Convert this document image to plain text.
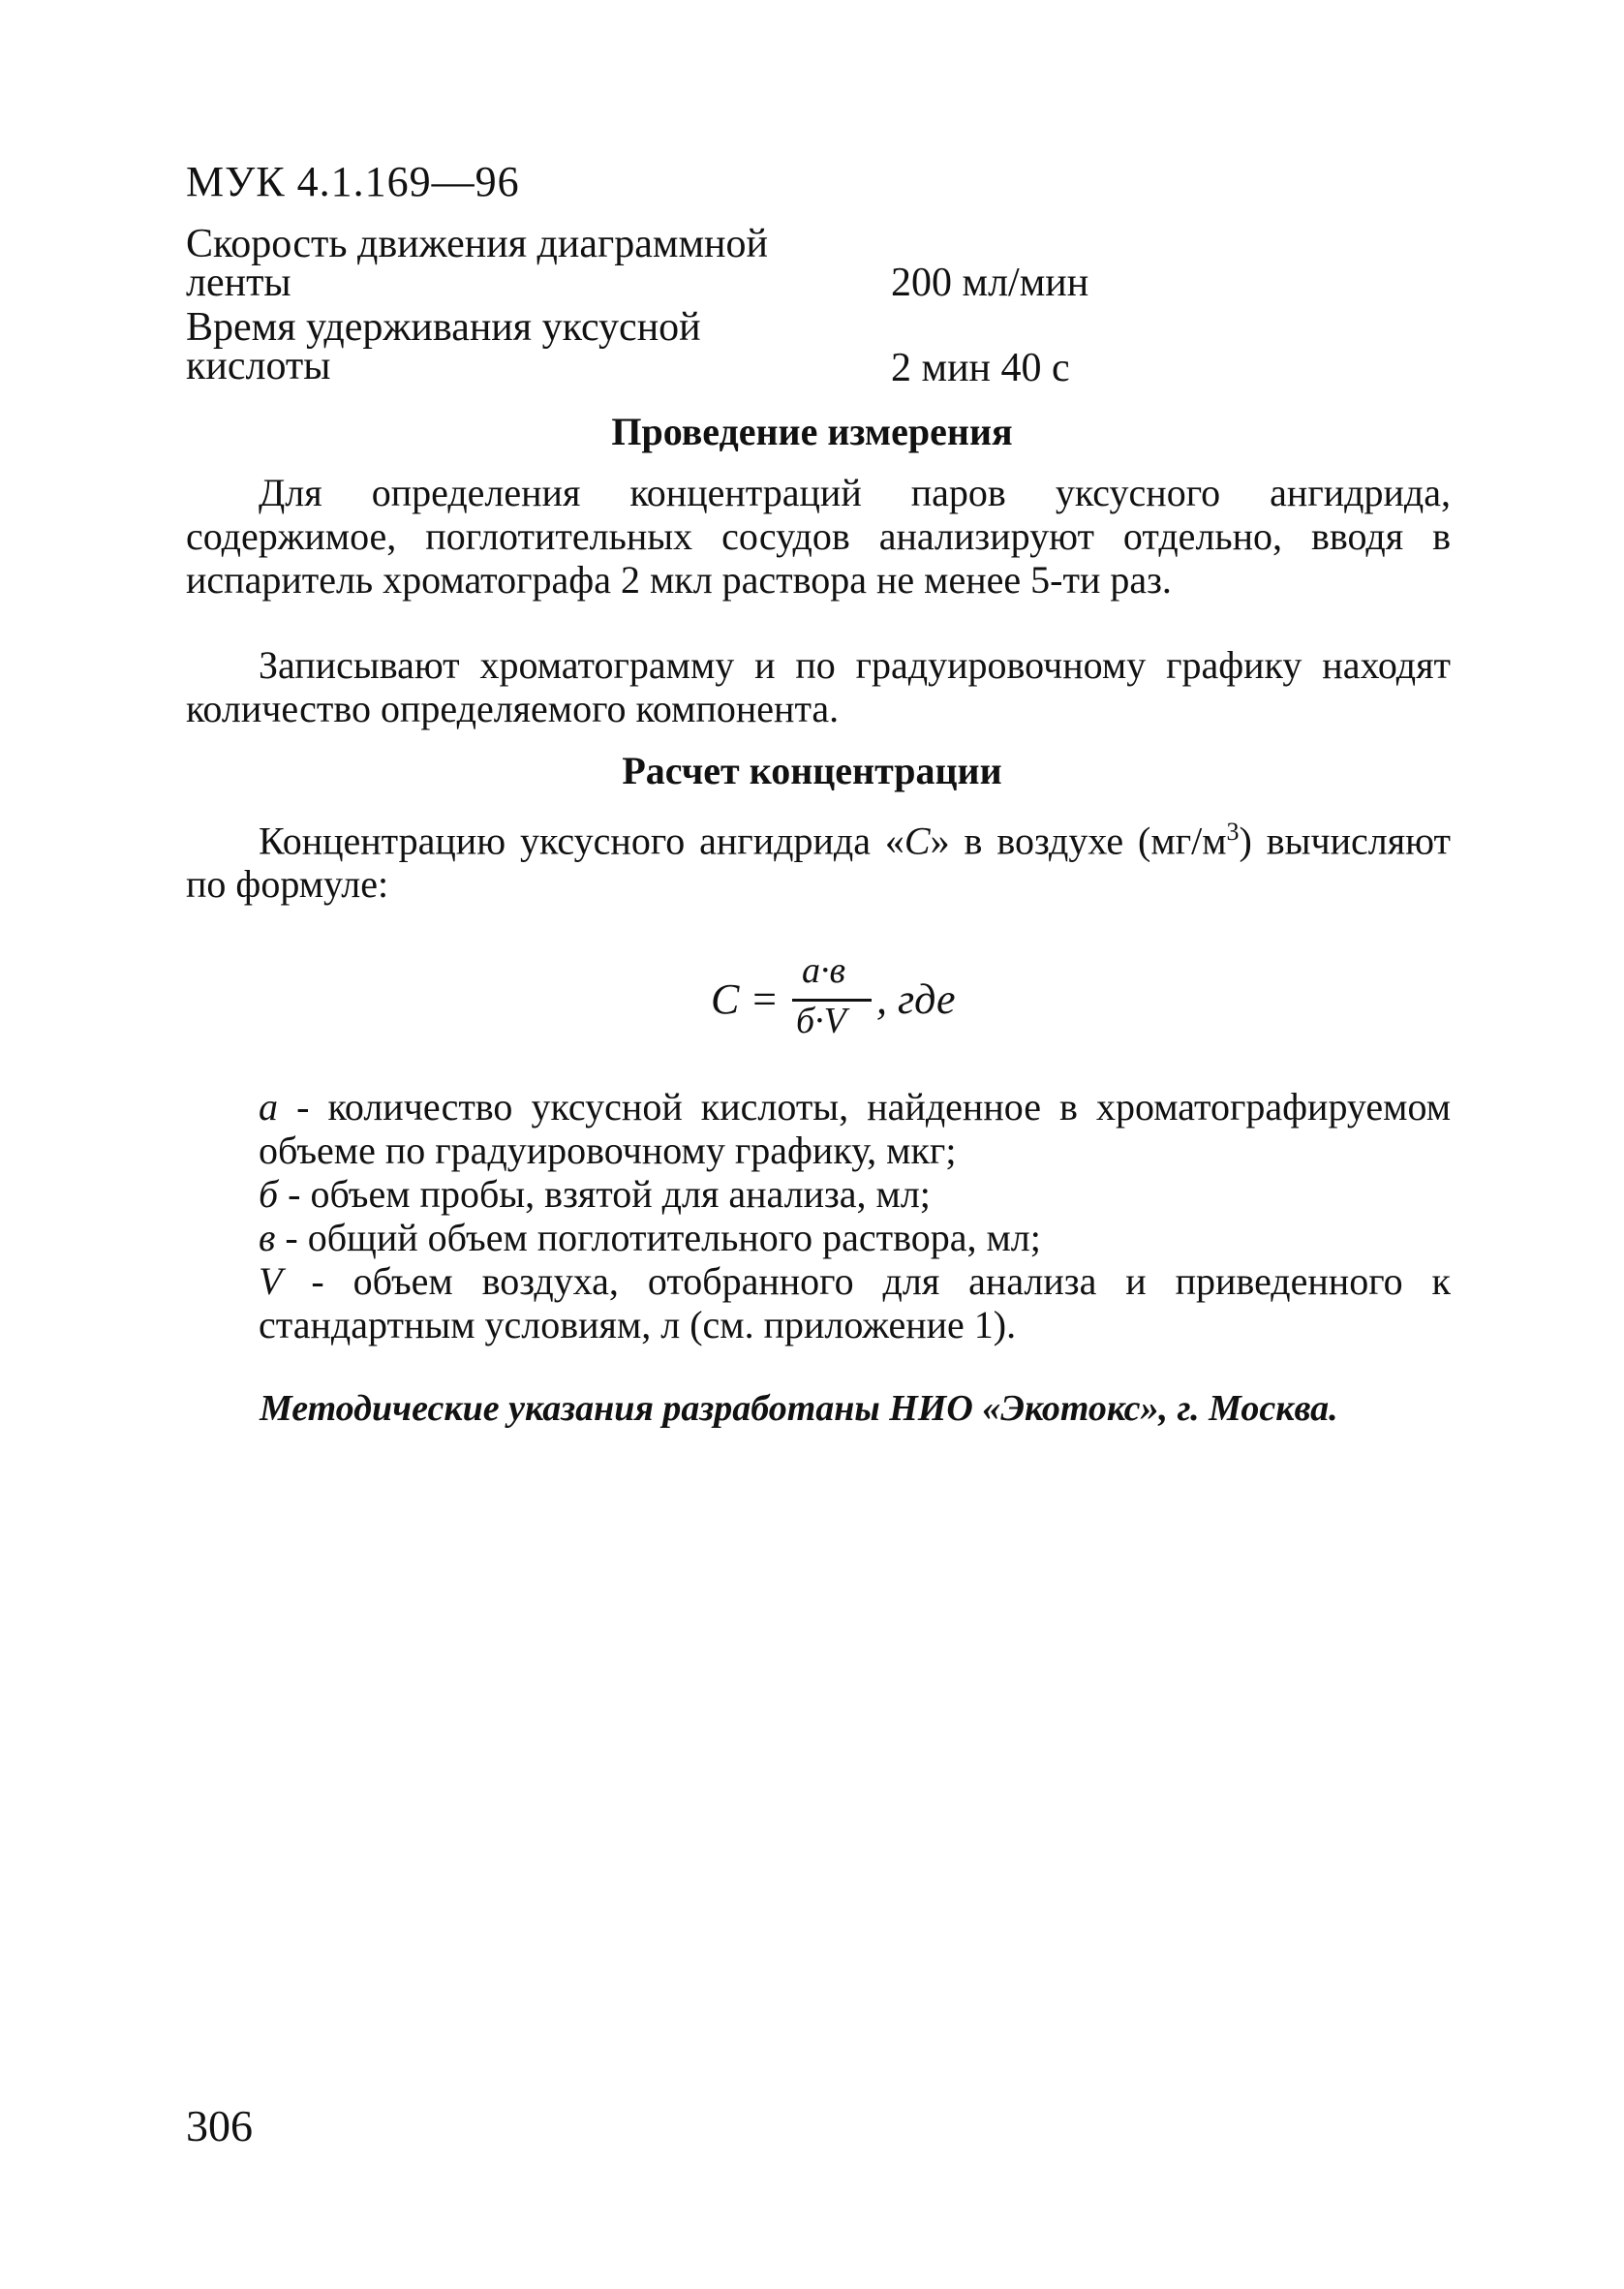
МУК 4.1.169—96
Скорость движения диаграммной
ленты	200 мл/мин
Время удерживания уксусной
кислоты	2 мин 40 с
Проведение измерения
Для определения концентраций паров уксусного ангидрида, содержимое, поглотительных сосудов анализируют отдельно, вводя в испаритель хроматографа 2 мкл раствора не менее 5-ти раз.
Записывают хроматограмму и по градуировочному графику находят количество определяемого компонента.
Расчет концентрации
Концентрацию уксусного ангидрида «С» в воздухе $(мг/м^3)$ вычисляют по формуле:
С =
а·в
б·V , где
а - количество уксусной кислоты, найденное в хроматографируемом объеме по градуировочному графику, мкг;
б - объем пробы, взятой для анализа, мл;
в - общий объем поглотительного раствора, мл;
V - объем воздуха, отобранного для анализа и приведенного к стандартным условиям, л (см. приложение 1).
Методические указания разработаны НИО «Экотокс», г. Москва.
306
